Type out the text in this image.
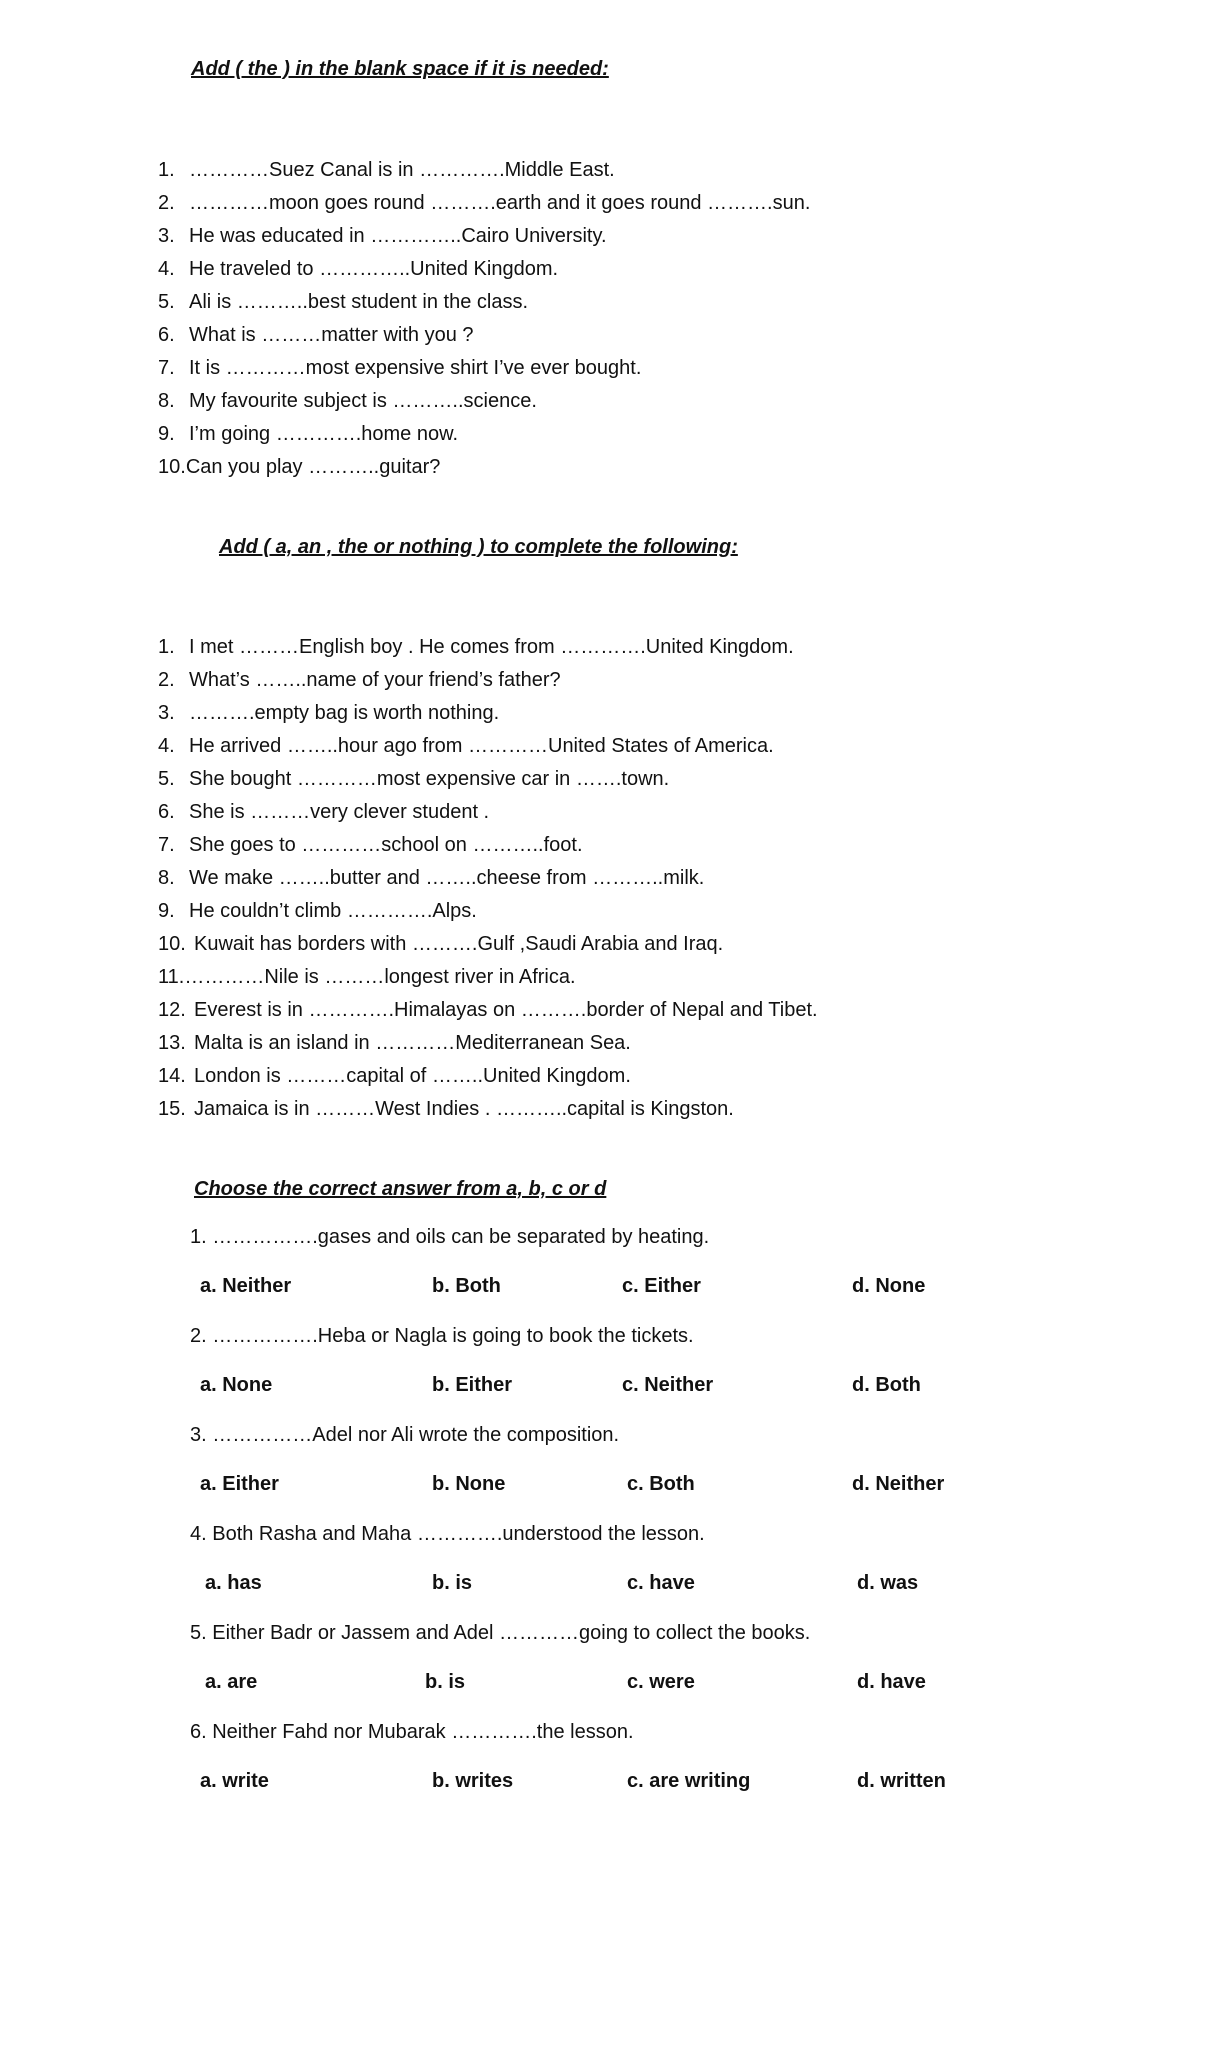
Add ( the ) in the blank space if it is needed:
1. …………Suez Canal is in ………….Middle East.
2. …………moon goes round ……….earth and it goes round ……….sun.
3. He was educated in …………..Cairo University.
4. He traveled to …………..United Kingdom.
5. Ali is ………..best student in the class.
6. What is ………matter with you ?
7. It is …………most expensive shirt I’ve ever bought.
8. My favourite subject is ………..science.
9. I’m going ………….home now.
10.Can you play ………..guitar?
Add ( a, an , the or nothing ) to complete the following:
1. I met ………English boy . He comes from ………….United Kingdom.
2. What’s ……..name of your friend’s father?
3. ……….empty bag is worth nothing.
4. He arrived ……..hour ago from …………United States of America.
5. She bought …………most expensive car in …….town.
6. She is ………very clever student .
7. She goes to …………school on ………..foot.
8. We make ……..butter and ……..cheese from ………..milk.
9. He couldn’t climb ………….Alps.
10. Kuwait has borders with ……….Gulf ,Saudi Arabia and Iraq.
11.…………Nile is ………longest river in Africa.
12. Everest is in ………….Himalayas on ……….border of Nepal and Tibet.
13. Malta is an island in …………Mediterranean Sea.
14. London is ………capital of ……..United Kingdom.
15. Jamaica is in ………West Indies . ………..capital is Kingston.
Choose the correct answer from a, b, c or d
1. …………….gases and oils can be separated by heating.
a. Neither	b. Both	c. Either	d. None
2. …………….Heba or Nagla is going to book the tickets.
a. None	b. Either	c. Neither	d. Both
3. ……………Adel nor Ali wrote the composition.
a. Either	b. None	c. Both	d. Neither
4. Both Rasha and Maha ………….understood the lesson.
a. has	b. is	c. have	d. was
5. Either Badr or Jassem and Adel …………going to collect the books.
a. are	b. is	c. were	d. have
6. Neither Fahd nor Mubarak ………….the lesson.
a. write	b. writes	c. are writing	d. written
